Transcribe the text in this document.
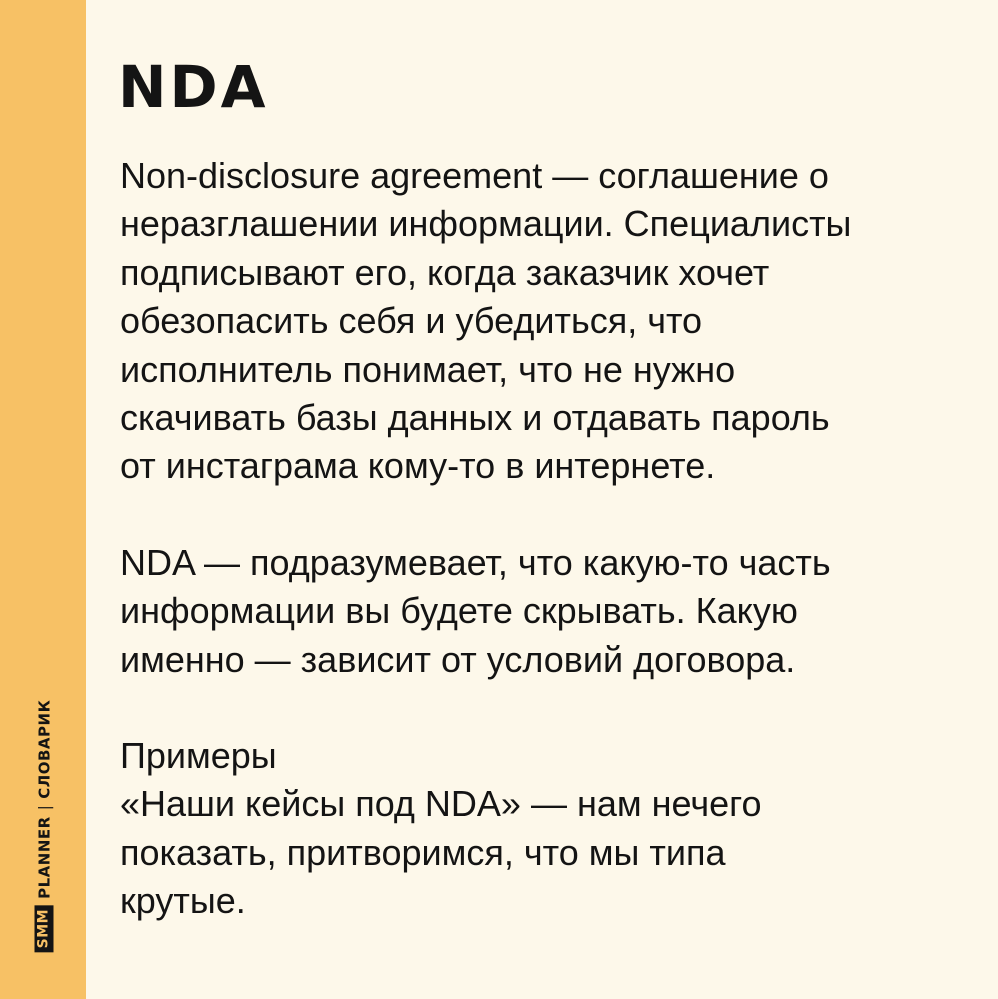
SMM
PLANNER
|
СЛОВАРИК
NDA

Non-disclosure agreement — соглашение о
неразглашении информации. Специалисты
подписывают его, когда заказчик хочет
обезопасить себя и убедиться, что
исполнитель понимает, что не нужно
скачивать базы данных и отдавать пароль
от инстаграма кому-то в интернете.

NDA — подразумевает, что какую-то часть
информации вы будете скрывать. Какую
именно — зависит от условий договора.

Примеры
«Наши кейсы под NDA» — нам нечего
показать, притворимся, что мы типа
крутые.
